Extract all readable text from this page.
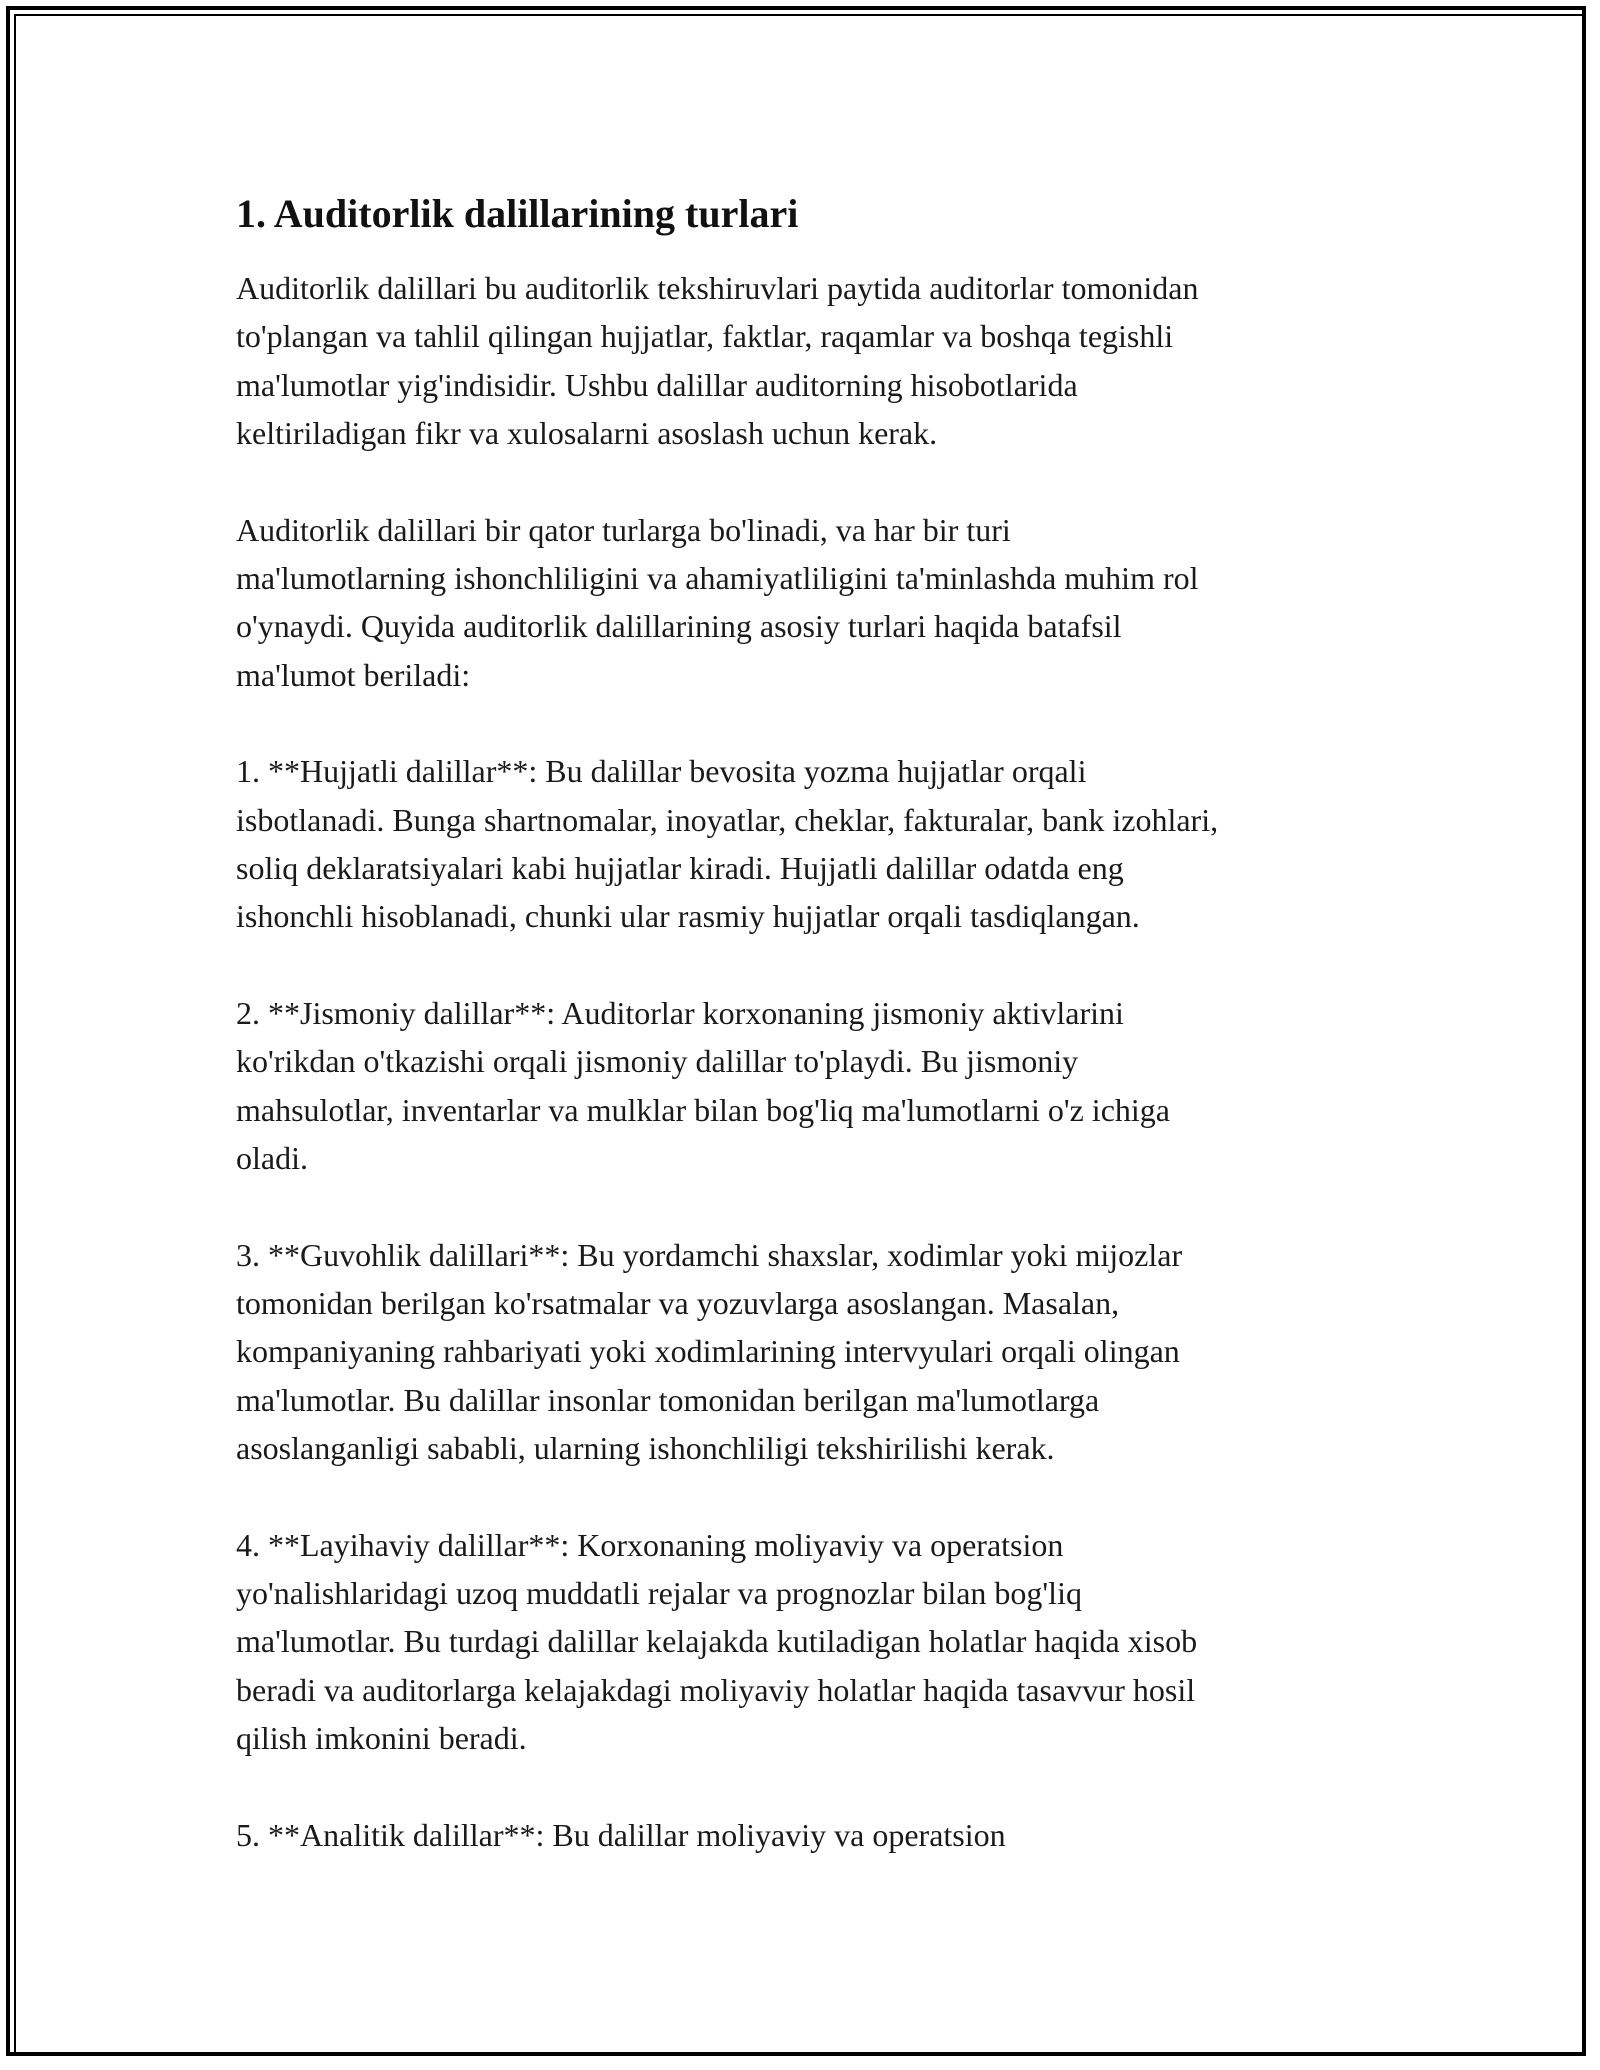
1. Auditorlik dalillarining turlari
Auditorlik dalillari bu auditorlik tekshiruvlari paytida auditorlar tomonidan
to'plangan va tahlil qilingan hujjatlar, faktlar, raqamlar va boshqa tegishli
ma'lumotlar yig'indisidir. Ushbu dalillar auditorning hisobotlarida
keltiriladigan fikr va xulosalarni asoslash uchun kerak.
Auditorlik dalillari bir qator turlarga bo'linadi, va har bir turi
ma'lumotlarning ishonchliligini va ahamiyatliligini ta'minlashda muhim rol
o'ynaydi. Quyida auditorlik dalillarining asosiy turlari haqida batafsil
ma'lumot beriladi:
1. **Hujjatli dalillar**: Bu dalillar bevosita yozma hujjatlar orqali
isbotlanadi. Bunga shartnomalar, inoyatlar, cheklar, fakturalar, bank izohlari,
soliq deklaratsiyalari kabi hujjatlar kiradi. Hujjatli dalillar odatda eng
ishonchli hisoblanadi, chunki ular rasmiy hujjatlar orqali tasdiqlangan.
2. **Jismoniy dalillar**: Auditorlar korxonaning jismoniy aktivlarini
ko'rikdan o'tkazishi orqali jismoniy dalillar to'playdi. Bu jismoniy
mahsulotlar, inventarlar va mulklar bilan bog'liq ma'lumotlarni o'z ichiga
oladi.
3. **Guvohlik dalillari**: Bu yordamchi shaxslar, xodimlar yoki mijozlar
tomonidan berilgan ko'rsatmalar va yozuvlarga asoslangan. Masalan,
kompaniyaning rahbariyati yoki xodimlarining intervyulari orqali olingan
ma'lumotlar. Bu dalillar insonlar tomonidan berilgan ma'lumotlarga
asoslanganligi sababli, ularning ishonchliligi tekshirilishi kerak.
4. **Layihaviy dalillar**: Korxonaning moliyaviy va operatsion
yo'nalishlaridagi uzoq muddatli rejalar va prognozlar bilan bog'liq
ma'lumotlar. Bu turdagi dalillar kelajakda kutiladigan holatlar haqida xisob
beradi va auditorlarga kelajakdagi moliyaviy holatlar haqida tasavvur hosil
qilish imkonini beradi.
5. **Analitik dalillar**: Bu dalillar moliyaviy va operatsion
